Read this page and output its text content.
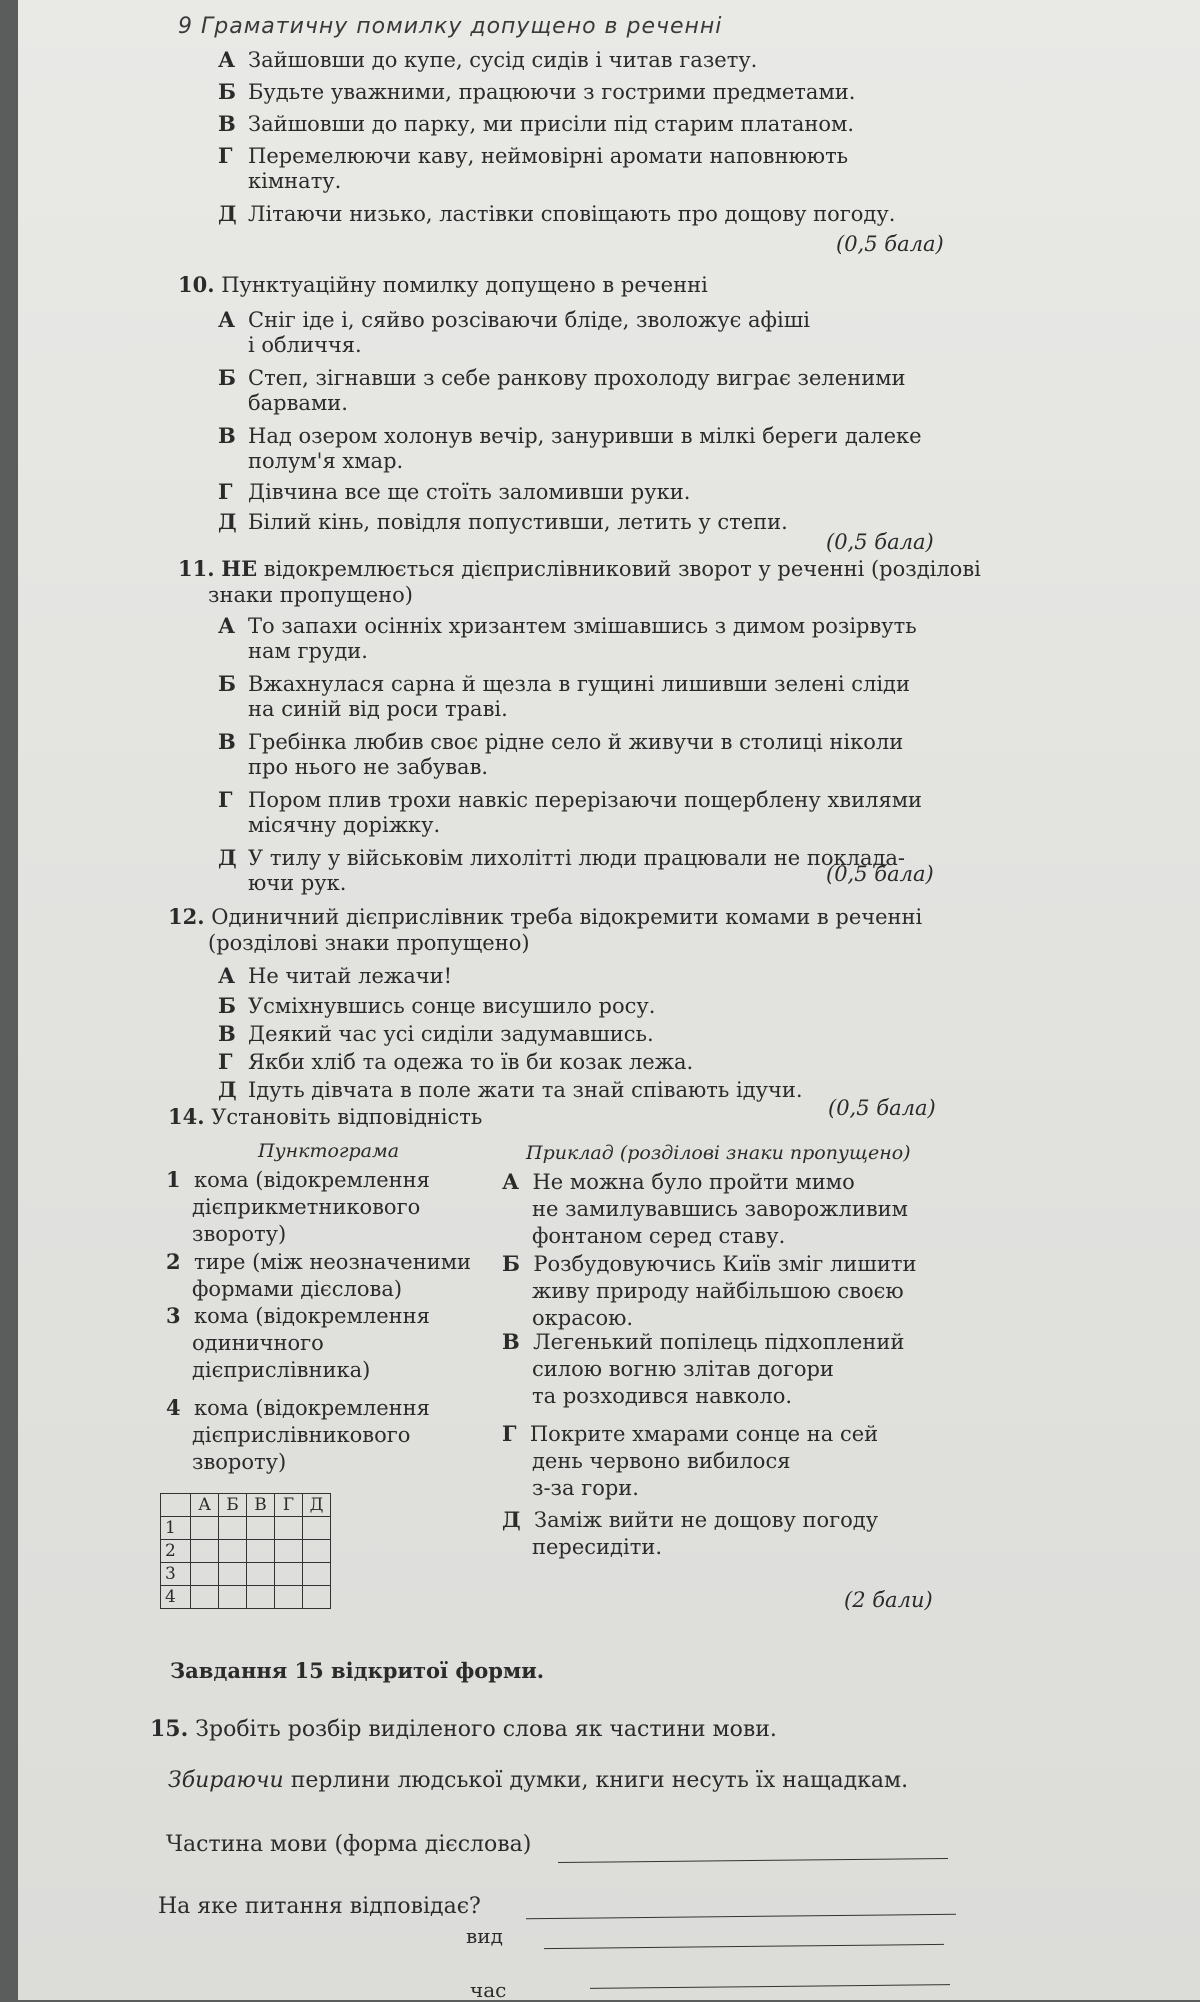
9 Граматичну помилку допущено в реченні
А Зайшовши до купе, сусід сидів і читав газету.
Б Будьте уважними, працюючи з гострими предметами.
В Зайшовши до парку, ми присіли під старим платаном.
Г Перемелюючи каву, неймовірні аромати наповнюють
кімнату.
Д Літаючи низько, ластівки сповіщають про дощову погоду.
(0,5 бала)
10. Пунктуаційну помилку допущено в реченні
А Сніг іде і, сяйво розсіваючи бліде, зволожує афіші
і обличчя.
Б Степ, зігнавши з себе ранкову прохолоду виграє зеленими
барвами.
В Над озером холонув вечір, зануривши в мілкі береги далеке
полум'я хмар.
Г Дівчина все ще стоїть заломивши руки.
Д Білий кінь, повідля попустивши, летить у степи.
(0,5 бала)
11. НЕ відокремлюється дієприслівниковий зворот у реченні (розділові
знаки пропущено)
А То запахи осінніх хризантем змішавшись з димом розірвуть
нам груди.
Б Вжахнулася сарна й щезла в гущині лишивши зелені сліди
на синій від роси траві.
В Гребінка любив своє рідне село й живучи в столиці ніколи
про нього не забував.
Г Пором плив трохи навкіс перерізаючи пощерблену хвилями
місячну доріжку.
Д У тилу у військовім лихолітті люди працювали не поклада-
ючи рук.	(0,5 бала)
12. Одиничний дієприслівник треба відокремити комами в реченні
(розділові знаки пропущено)
А Не читай лежачи!
Б Усміхнувшись сонце висушило росу.
В Деякий час усі сиділи задумавшись.
Г Якби хліб та одежа то їв би козак лежа.
Д Ідуть дівчата в поле жати та знай співають ідучи.
(0,5 бала)
14. Установіть відповідність
Пунктограма	Приклад (розділові знаки пропущено)
1 кома (відокремлення
дієприкметникового
звороту)
2 тире (між неозначеними
формами дієслова)
3 кома (відокремлення
одиничного
дієприслівника)
4 кома (відокремлення
дієприслівникового
звороту)
А Не можна було пройти мимо
не замилувавшись заворожливим
фонтаном серед ставу.
Б Розбудовуючись Київ зміг лишити
живу природу найбільшою своєю
окрасою.
В Легенький попілець підхоплений
силою вогню злітав догори
та розходився навколо.
Г Покрите хмарами сонце на сей
день червоно вибилося
з-за гори.
Д Заміж вийти не дощову погоду
пересидіти.
	А	Б	В	Г	Д
1					
2					
3					
4						(2 бали)
Завдання 15 відкритої форми.
15. Зробіть розбір виділеного слова як частини мови.
Збираючи перлини людської думки, книги несуть їх нащадкам.
Частина мови (форма дієслова)
На яке питання відповідає?
вид
час
